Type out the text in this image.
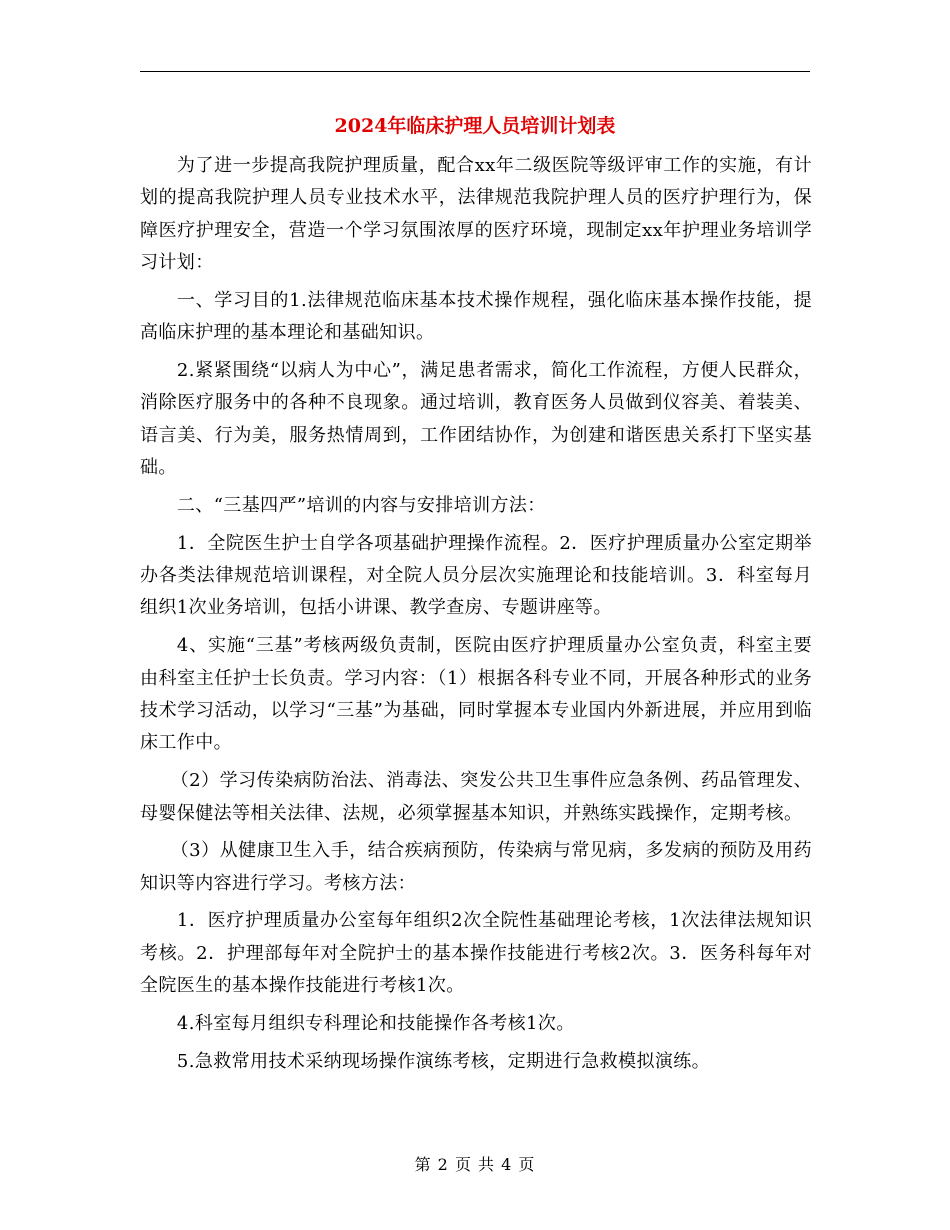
2024年临床护理人员培训计划表

为了进一步提高我院护理质量，配合xx年二级医院等级评审工作的实施，有计划的提高我院护理人员专业技术水平，法律规范我院护理人员的医疗护理行为，保障医疗护理安全，营造一个学习氛围浓厚的医疗环境，现制定xx年护理业务培训学习计划：

一、学习目的1.法律规范临床基本技术操作规程，强化临床基本操作技能，提高临床护理的基本理论和基础知识。

2.紧紧围绕“以病人为中心”，满足患者需求，简化工作流程，方便人民群众，消除医疗服务中的各种不良现象。通过培训，教育医务人员做到仪容美、着装美、语言美、行为美，服务热情周到，工作团结协作，为创建和谐医患关系打下坚实基础。

二、“三基四严”培训的内容与安排培训方法：

1．全院医生护士自学各项基础护理操作流程。2．医疗护理质量办公室定期举办各类法律规范培训课程，对全院人员分层次实施理论和技能培训。3．科室每月组织1次业务培训，包括小讲课、教学查房、专题讲座等。

4、实施“三基”考核两级负责制，医院由医疗护理质量办公室负责，科室主要由科室主任护士长负责。学习内容：（1）根据各科专业不同，开展各种形式的业务技术学习活动，以学习“三基”为基础，同时掌握本专业国内外新进展，并应用到临床工作中。

（2）学习传染病防治法、消毒法、突发公共卫生事件应急条例、药品管理发、母婴保健法等相关法律、法规，必须掌握基本知识，并熟练实践操作，定期考核。

（3）从健康卫生入手，结合疾病预防，传染病与常见病，多发病的预防及用药知识等内容进行学习。考核方法：

1．医疗护理质量办公室每年组织2次全院性基础理论考核，1次法律法规知识考核。2．护理部每年对全院护士的基本操作技能进行考核2次。3．医务科每年对全院医生的基本操作技能进行考核1次。

4.科室每月组织专科理论和技能操作各考核1次。

5.急救常用技术采纳现场操作演练考核，定期进行急救模拟演练。

第 2 页 共 4 页
